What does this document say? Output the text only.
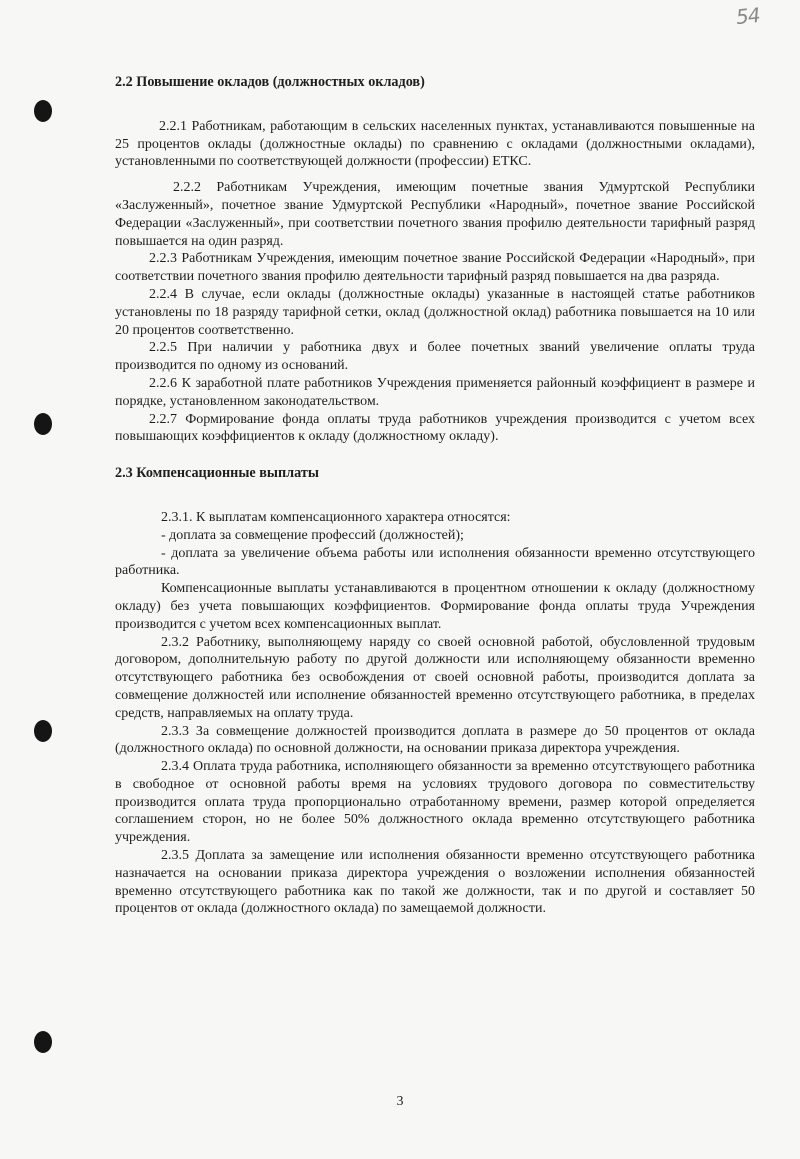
54

2.2 Повышение окладов (должностных окладов)

2.2.1 Работникам, работающим в сельских населенных пунктах, устанавливаются повышенные на 25 процентов оклады (должностные оклады) по сравнению с окладами (должностными окладами), установленными по соответствующей должности (профессии) ЕТКС.

2.2.2 Работникам Учреждения, имеющим почетные звания Удмуртской Республики «Заслуженный», почетное звание Удмуртской Республики «Народный», почетное звание Российской Федерации «Заслуженный», при соответствии почетного звания профилю деятельности тарифный разряд повышается на один разряд.

2.2.3 Работникам Учреждения, имеющим почетное звание Российской Федерации «Народный», при соответствии почетного звания профилю деятельности тарифный разряд повышается на два разряда.

2.2.4 В случае, если оклады (должностные оклады) указанные в настоящей статье работников установлены по 18 разряду тарифной сетки, оклад (должностной оклад) работника повышается на 10 или 20 процентов соответственно.

2.2.5 При наличии у работника двух и более почетных званий увеличение оплаты труда производится по одному из оснований.

2.2.6 К заработной плате работников Учреждения применяется районный коэффициент в размере и порядке, установленном законодательством.

2.2.7 Формирование фонда оплаты труда работников учреждения производится с учетом всех повышающих коэффициентов к окладу (должностному окладу).

2.3 Компенсационные выплаты

2.3.1. К выплатам компенсационного характера относятся:

- доплата за совмещение профессий (должностей);

- доплата за увеличение объема работы или исполнения обязанности временно отсутствующего работника.

Компенсационные выплаты устанавливаются в процентном отношении к окладу (должностному окладу) без учета повышающих коэффициентов. Формирование фонда оплаты труда Учреждения производится с учетом всех компенсационных выплат.

2.3.2 Работнику, выполняющему наряду со своей основной работой, обусловленной трудовым договором, дополнительную работу по другой должности или исполняющему обязанности временно отсутствующего работника без освобождения от своей основной работы, производится доплата за совмещение должностей или исполнение обязанностей временно отсутствующего работника, в пределах средств, направляемых на оплату труда.

2.3.3 За совмещение должностей производится доплата в размере до 50 процентов от оклада (должностного оклада) по основной должности, на основании приказа директора учреждения.

2.3.4 Оплата труда работника, исполняющего обязанности за временно отсутствующего работника в свободное от основной работы время на условиях трудового договора по совместительству производится оплата труда пропорционально отработанному времени, размер которой определяется соглашением сторон, но не более 50% должностного оклада временно отсутствующего работника учреждения.

2.3.5 Доплата за замещение или исполнения обязанности временно отсутствующего работника назначается на основании приказа директора учреждения о возложении исполнения обязанностей временно отсутствующего работника как по такой же должности, так и по другой и составляет 50 процентов от оклада (должностного оклада) по замещаемой должности.

3
